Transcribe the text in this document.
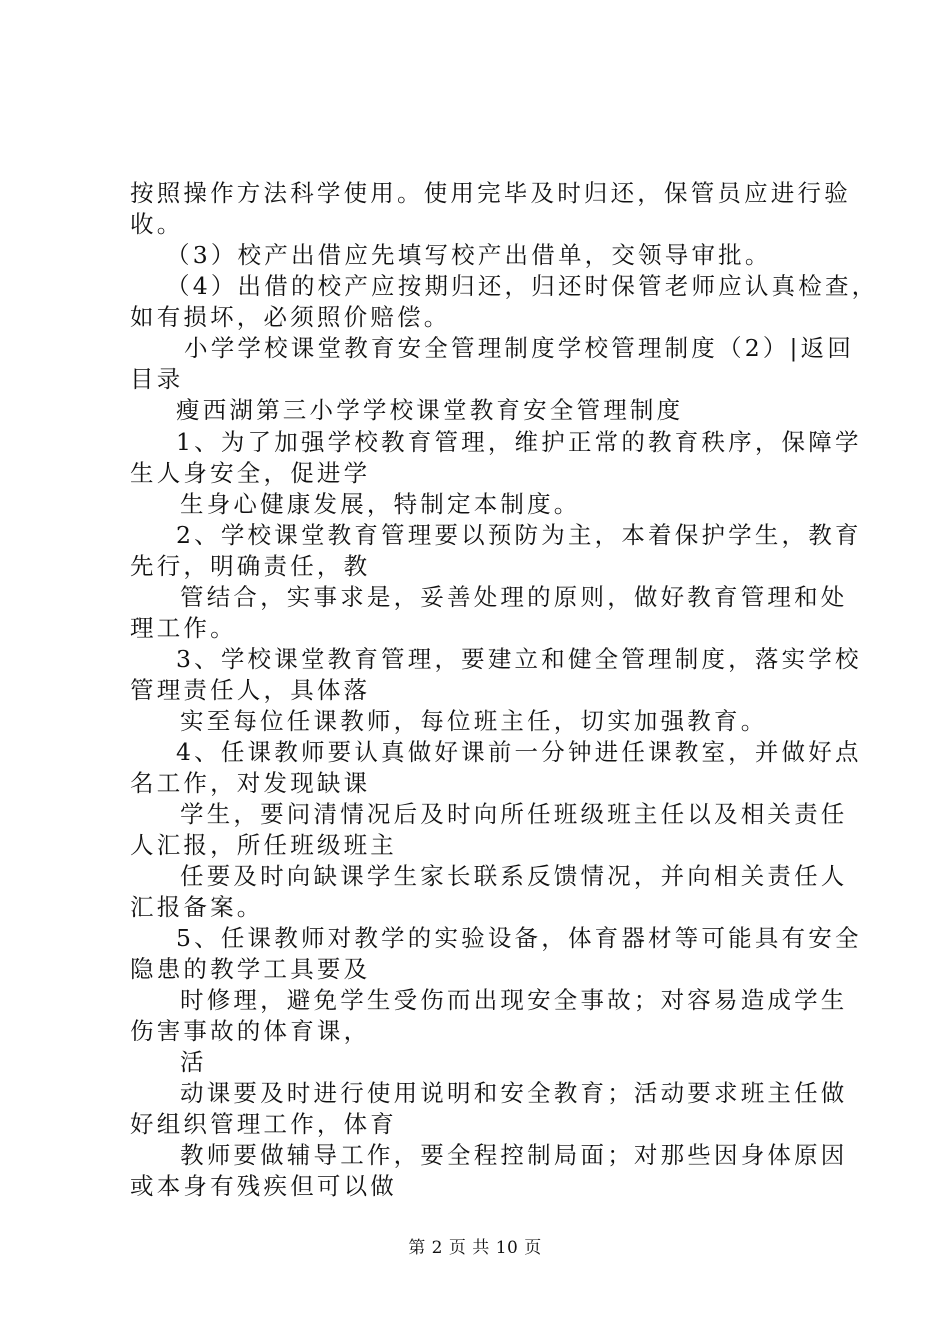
按照操作方法科学使用。使用完毕及时归还，保管员应进行验
收。
（3）校产出借应先填写校产出借单，交领导审批。
（4）出借的校产应按期归还，归还时保管老师应认真检查，
如有损坏，必须照价赔偿。
小学学校课堂教育安全管理制度学校管理制度（2）|返回
目录
瘦西湖第三小学学校课堂教育安全管理制度
1、为了加强学校教育管理，维护正常的教育秩序，保障学
生人身安全，促进学
生身心健康发展，特制定本制度。
2、学校课堂教育管理要以预防为主，本着保护学生，教育
先行，明确责任，教
管结合，实事求是，妥善处理的原则，做好教育管理和处
理工作。
3、学校课堂教育管理，要建立和健全管理制度，落实学校
管理责任人，具体落
实至每位任课教师，每位班主任，切实加强教育。
4、任课教师要认真做好课前一分钟进任课教室，并做好点
名工作，对发现缺课
学生，要问清情况后及时向所任班级班主任以及相关责任
人汇报，所任班级班主
任要及时向缺课学生家长联系反馈情况，并向相关责任人
汇报备案。
5、任课教师对教学的实验设备，体育器材等可能具有安全
隐患的教学工具要及
时修理，避免学生受伤而出现安全事故；对容易造成学生
伤害事故的体育课，
活
动课要及时进行使用说明和安全教育；活动要求班主任做
好组织管理工作，体育
教师要做辅导工作，要全程控制局面；对那些因身体原因
或本身有残疾但可以做
第 2 页 共 10 页
